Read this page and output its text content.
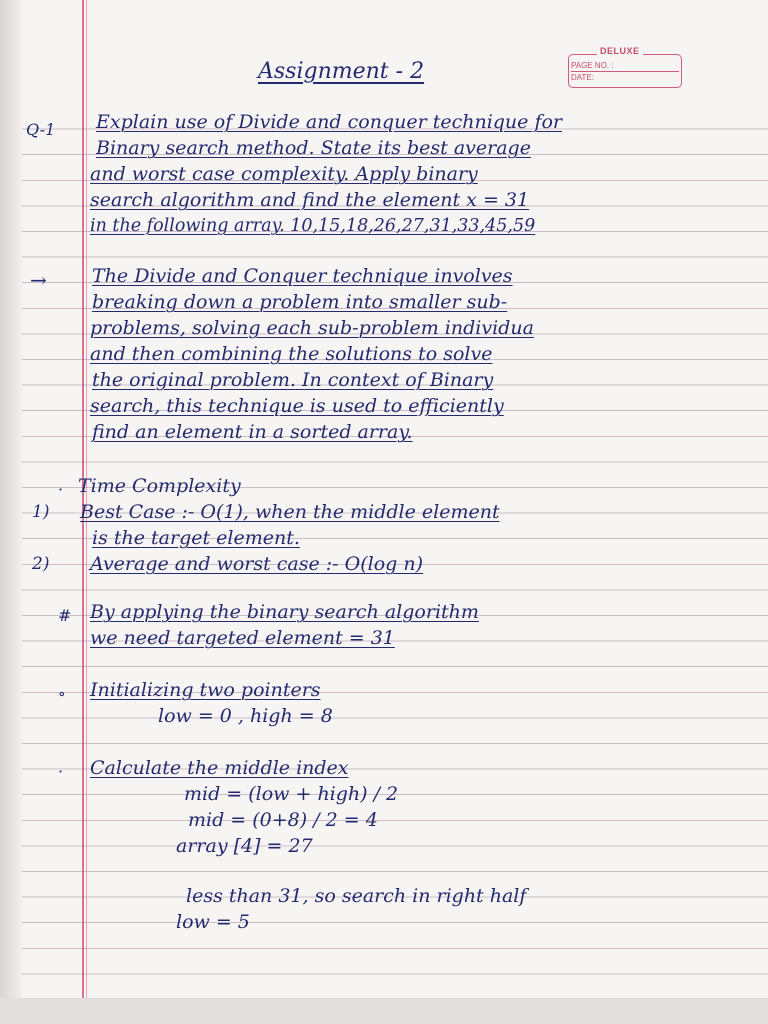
DELUXE
PAGE NO. :
DATE:
Assignment - 2
Q-1 Explain use of Divide and conquer technique for
Binary search method. State its best average
and worst case complexity. Apply binary
search algorithm and find the element x = 31
in the following array. 10,15,18,26,27,31,33,45,59
→ The Divide and Conquer technique involves
breaking down a problem into smaller sub-
problems, solving each sub-problem individua
and then combining the solutions to solve
the original problem. In context of Binary
search, this technique is used to efficiently
find an element in a sorted array.
· Time Complexity
1) Best Case :- O(1), when the middle element
is the target element.
2) Average and worst case :- O(log n)
# By applying the binary search algorithm
we need targeted element = 31
∘ Initializing two pointers
low = 0 , high = 8
· Calculate the middle index
mid = (low + high) / 2
mid = (0+8) / 2 = 4
array [4] = 27
less than 31, so search in right half
low = 5
